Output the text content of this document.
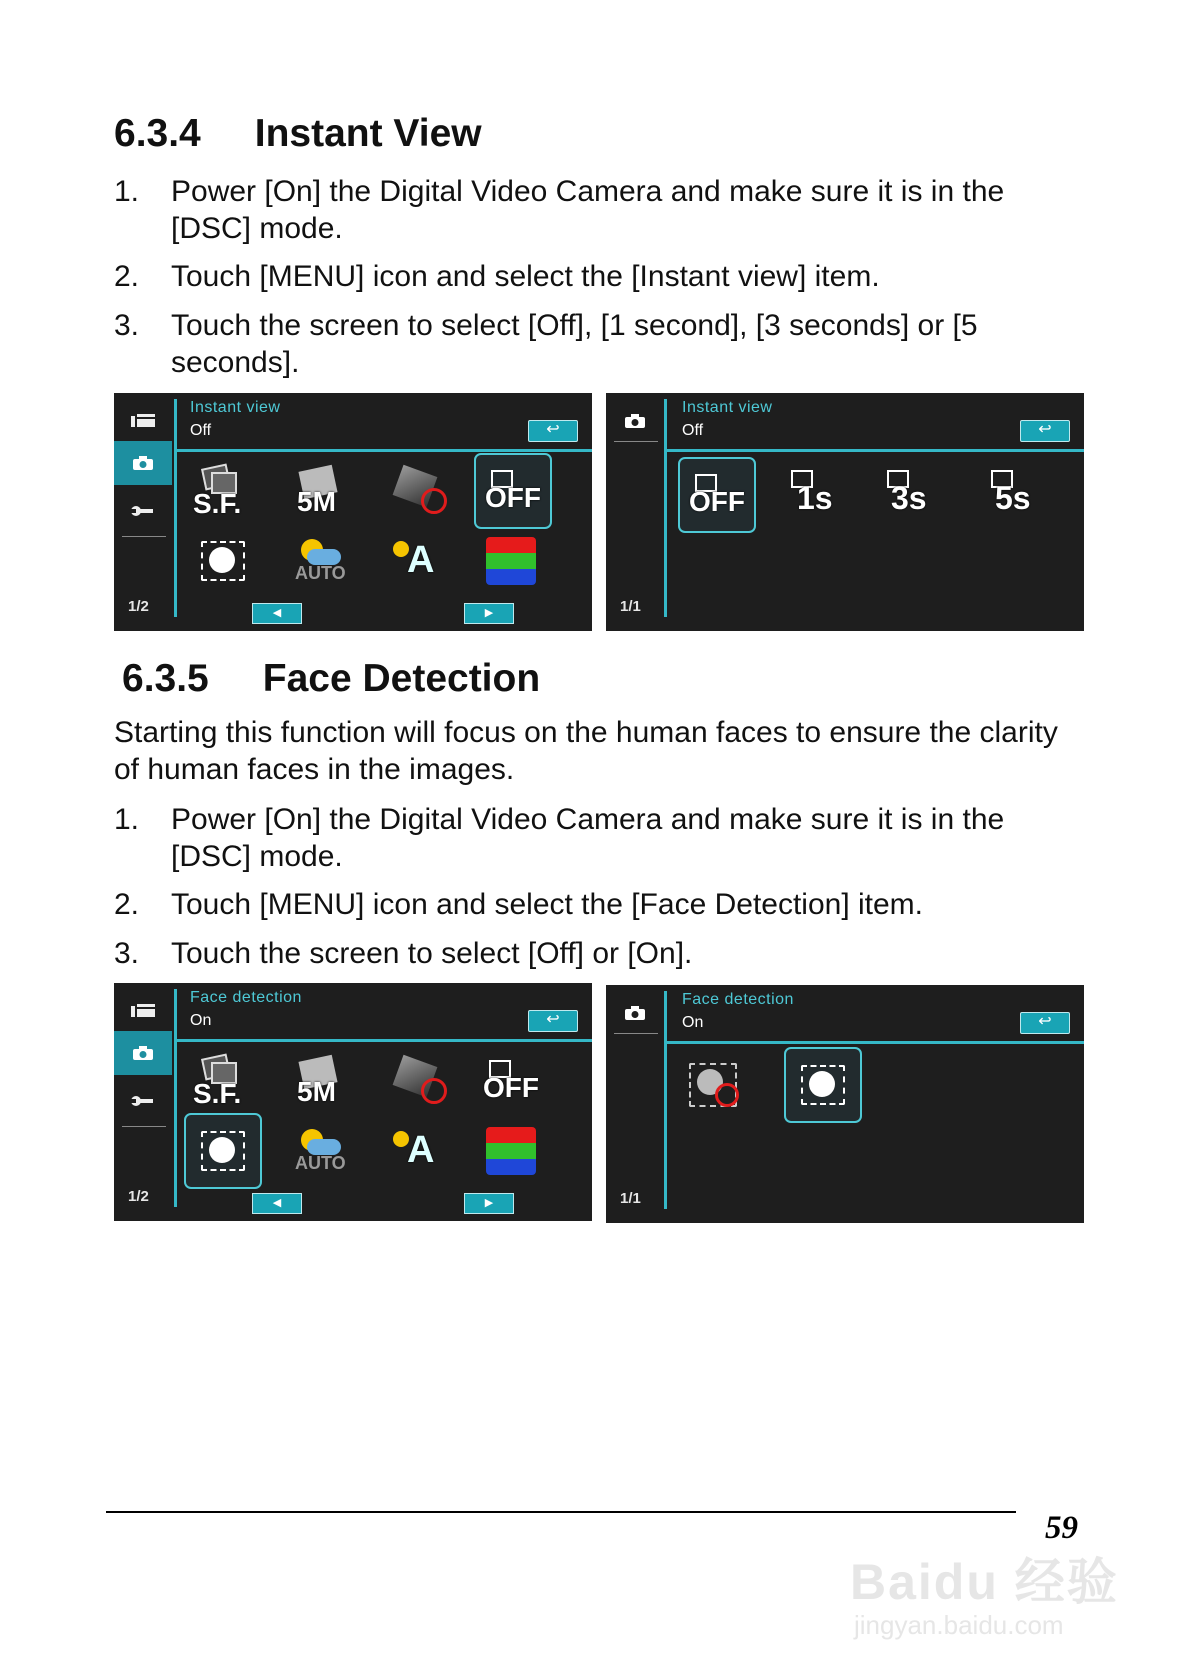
6.3.4 Instant View
1. Power [On] the Digital Video Camera and make sure it is in the [DSC] mode.
2. Touch [MENU] icon and select the [Instant view] item.
3. Touch the screen to select [Off], [1 second], [3 seconds] or [5 seconds].
1/2
Instant view
Off	↩
S.F. 5M	OFF
AUTO A
◀	▶	1/1
Instant view
Off	↩
OFF 1s 3s 5s
6.3.5 Face Detection

Starting this function will focus on the human faces to ensure the clarity of human faces in the images.

1. Power [On] the Digital Video Camera and make sure it is in the [DSC] mode.
2. Touch [MENU] icon and select the [Face Detection] item.
3. Touch the screen to select [Off] or [On].
1/2
Face detection
On	↩
S.F. 5M	OFF
AUTO A
◀	▶	1/1
Face detection
On	↩
59
Baidu 经验
jingyan.baidu.com
